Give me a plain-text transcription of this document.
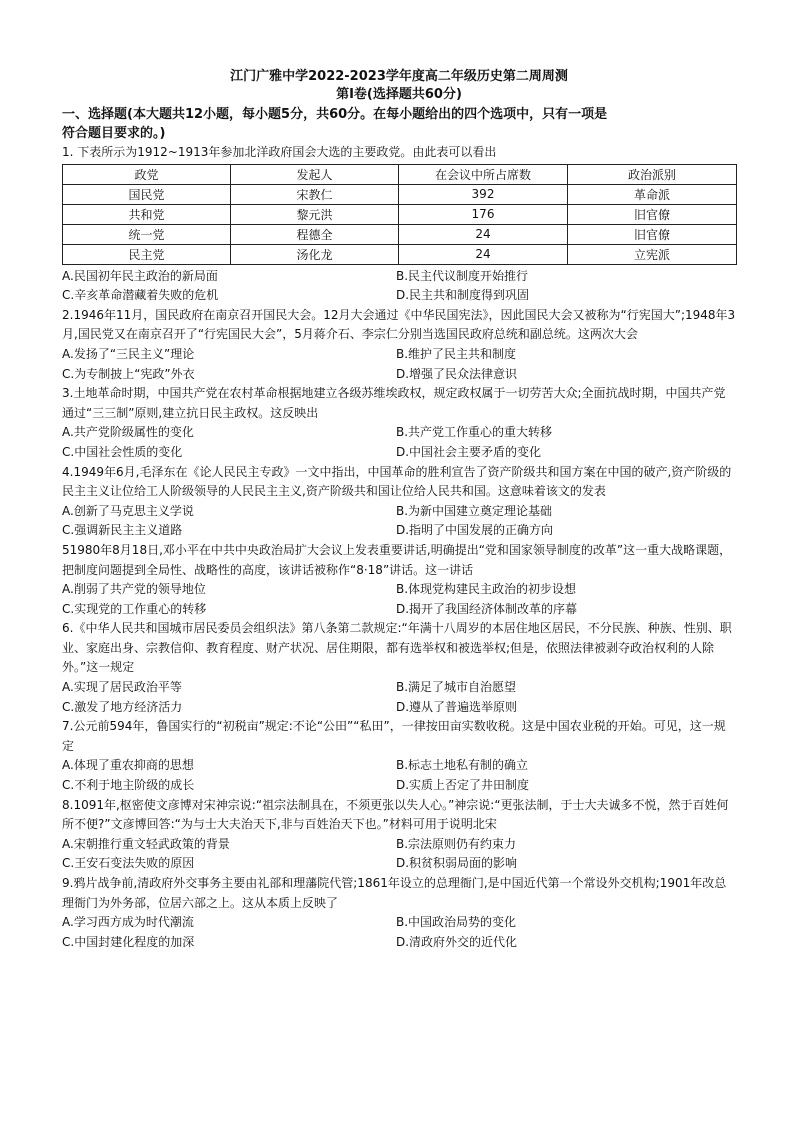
江门广雅中学2022-2023学年度高二年级历史第二周周测
第I卷(选择题共60分)
一、选择题(本大题共12小题，每小题5分，共60分。在每小题给出的四个选项中，只有一项是
符合题目要求的。)
1. 下表所示为1912~1913年参加北洋政府国会大选的主要政党。由此表可以看出
政党	发起人	在会议中所占席数	政治派别
国民党	宋教仁	392	革命派
共和党	黎元洪	176	旧官僚
统一党	程德全	24	旧官僚
民主党	汤化龙	24	立宪派
A.民国初年民主政治的新局面	B.民主代议制度开始推行
C.辛亥革命潜藏着失败的危机	D.民主共和制度得到巩固
2.1946年11月，国民政府在南京召开国民大会。12月大会通过《中华民国宪法》，因此国民大会又被称为“行宪国大”;1948年3月,国民党又在南京召开了“行宪国民大会”，5月蒋介石、李宗仁分别当选国民政府总统和副总统。这两次大会
A.发扬了“三民主义”理论	B.维护了民主共和制度
C.为专制披上“宪政”外衣	D.增强了民众法律意识
3.土地革命时期，中国共产党在农村革命根据地建立各级苏维埃政权，规定政权属于一切劳苦大众;全面抗战时期，中国共产党通过“三三制”原则,建立抗日民主政权。这反映出
A.共产党阶级属性的变化	B.共产党工作重心的重大转移
C.中国社会性质的变化	D.中国社会主要矛盾的变化
4.1949年6月,毛泽东在《论人民民主专政》一文中指出，中国革命的胜利宣告了资产阶级共和国方案在中国的破产,资产阶级的民主主义让位给工人阶级领导的人民民主主义,资产阶级共和国让位给人民共和国。这意味着该文的发表
A.创新了马克思主义学说	B.为新中国建立奠定理论基础
C.强调新民主主义道路	D.指明了中国发展的正确方向
51980年8月18日,邓小平在中共中央政治局扩大会议上发表重要讲话,明确提出“党和国家领导制度的改革”这一重大战略课题，把制度问题提到全局性、战略性的高度，该讲话被称作“8·18”讲话。这一讲话
A.削弱了共产党的领导地位	B.体现党构建民主政治的初步设想
C.实现党的工作重心的转移	D.揭开了我国经济体制改革的序幕
6.《中华人民共和国城市居民委员会组织法》第八条第二款规定:“年满十八周岁的本居住地区居民，不分民族、种族、性别、职业、家庭出身、宗教信仰、教育程度、财产状况、居住期限，都有选举权和被选举权;但是，依照法律被剥夺政治权利的人除外。”这一规定
A.实现了居民政治平等	B.满足了城市自治愿望
C.激发了地方经济活力	D.遵从了普遍选举原则
7.公元前594年，鲁国实行的“初税亩”规定:不论“公田”“私田”，一律按田亩实数收税。这是中国农业税的开始。可见，这一规定
A.体现了重农抑商的思想	B.标志土地私有制的确立
C.不利于地主阶级的成长	D.实质上否定了井田制度
8.1091年,枢密使文彦博对宋神宗说:“祖宗法制具在，不须更张以失人心。”神宗说:“更张法制，于士大夫诚多不悦，然于百姓何所不便?”文彦博回答:“为与士大夫治天下,非与百姓治天下也。”材料可用于说明北宋
A.宋朝推行重文轻武政策的背景	B.宗法原则仍有约束力
C.王安石变法失败的原因	D.积贫积弱局面的影响
9.鸦片战争前,清政府外交事务主要由礼部和理藩院代管;1861年设立的总理衙门,是中国近代第一个常设外交机构;1901年改总理衙门为外务部，位居六部之上。这从本质上反映了
A.学习西方成为时代潮流	B.中国政治局势的变化
C.中国封建化程度的加深	D.清政府外交的近代化
